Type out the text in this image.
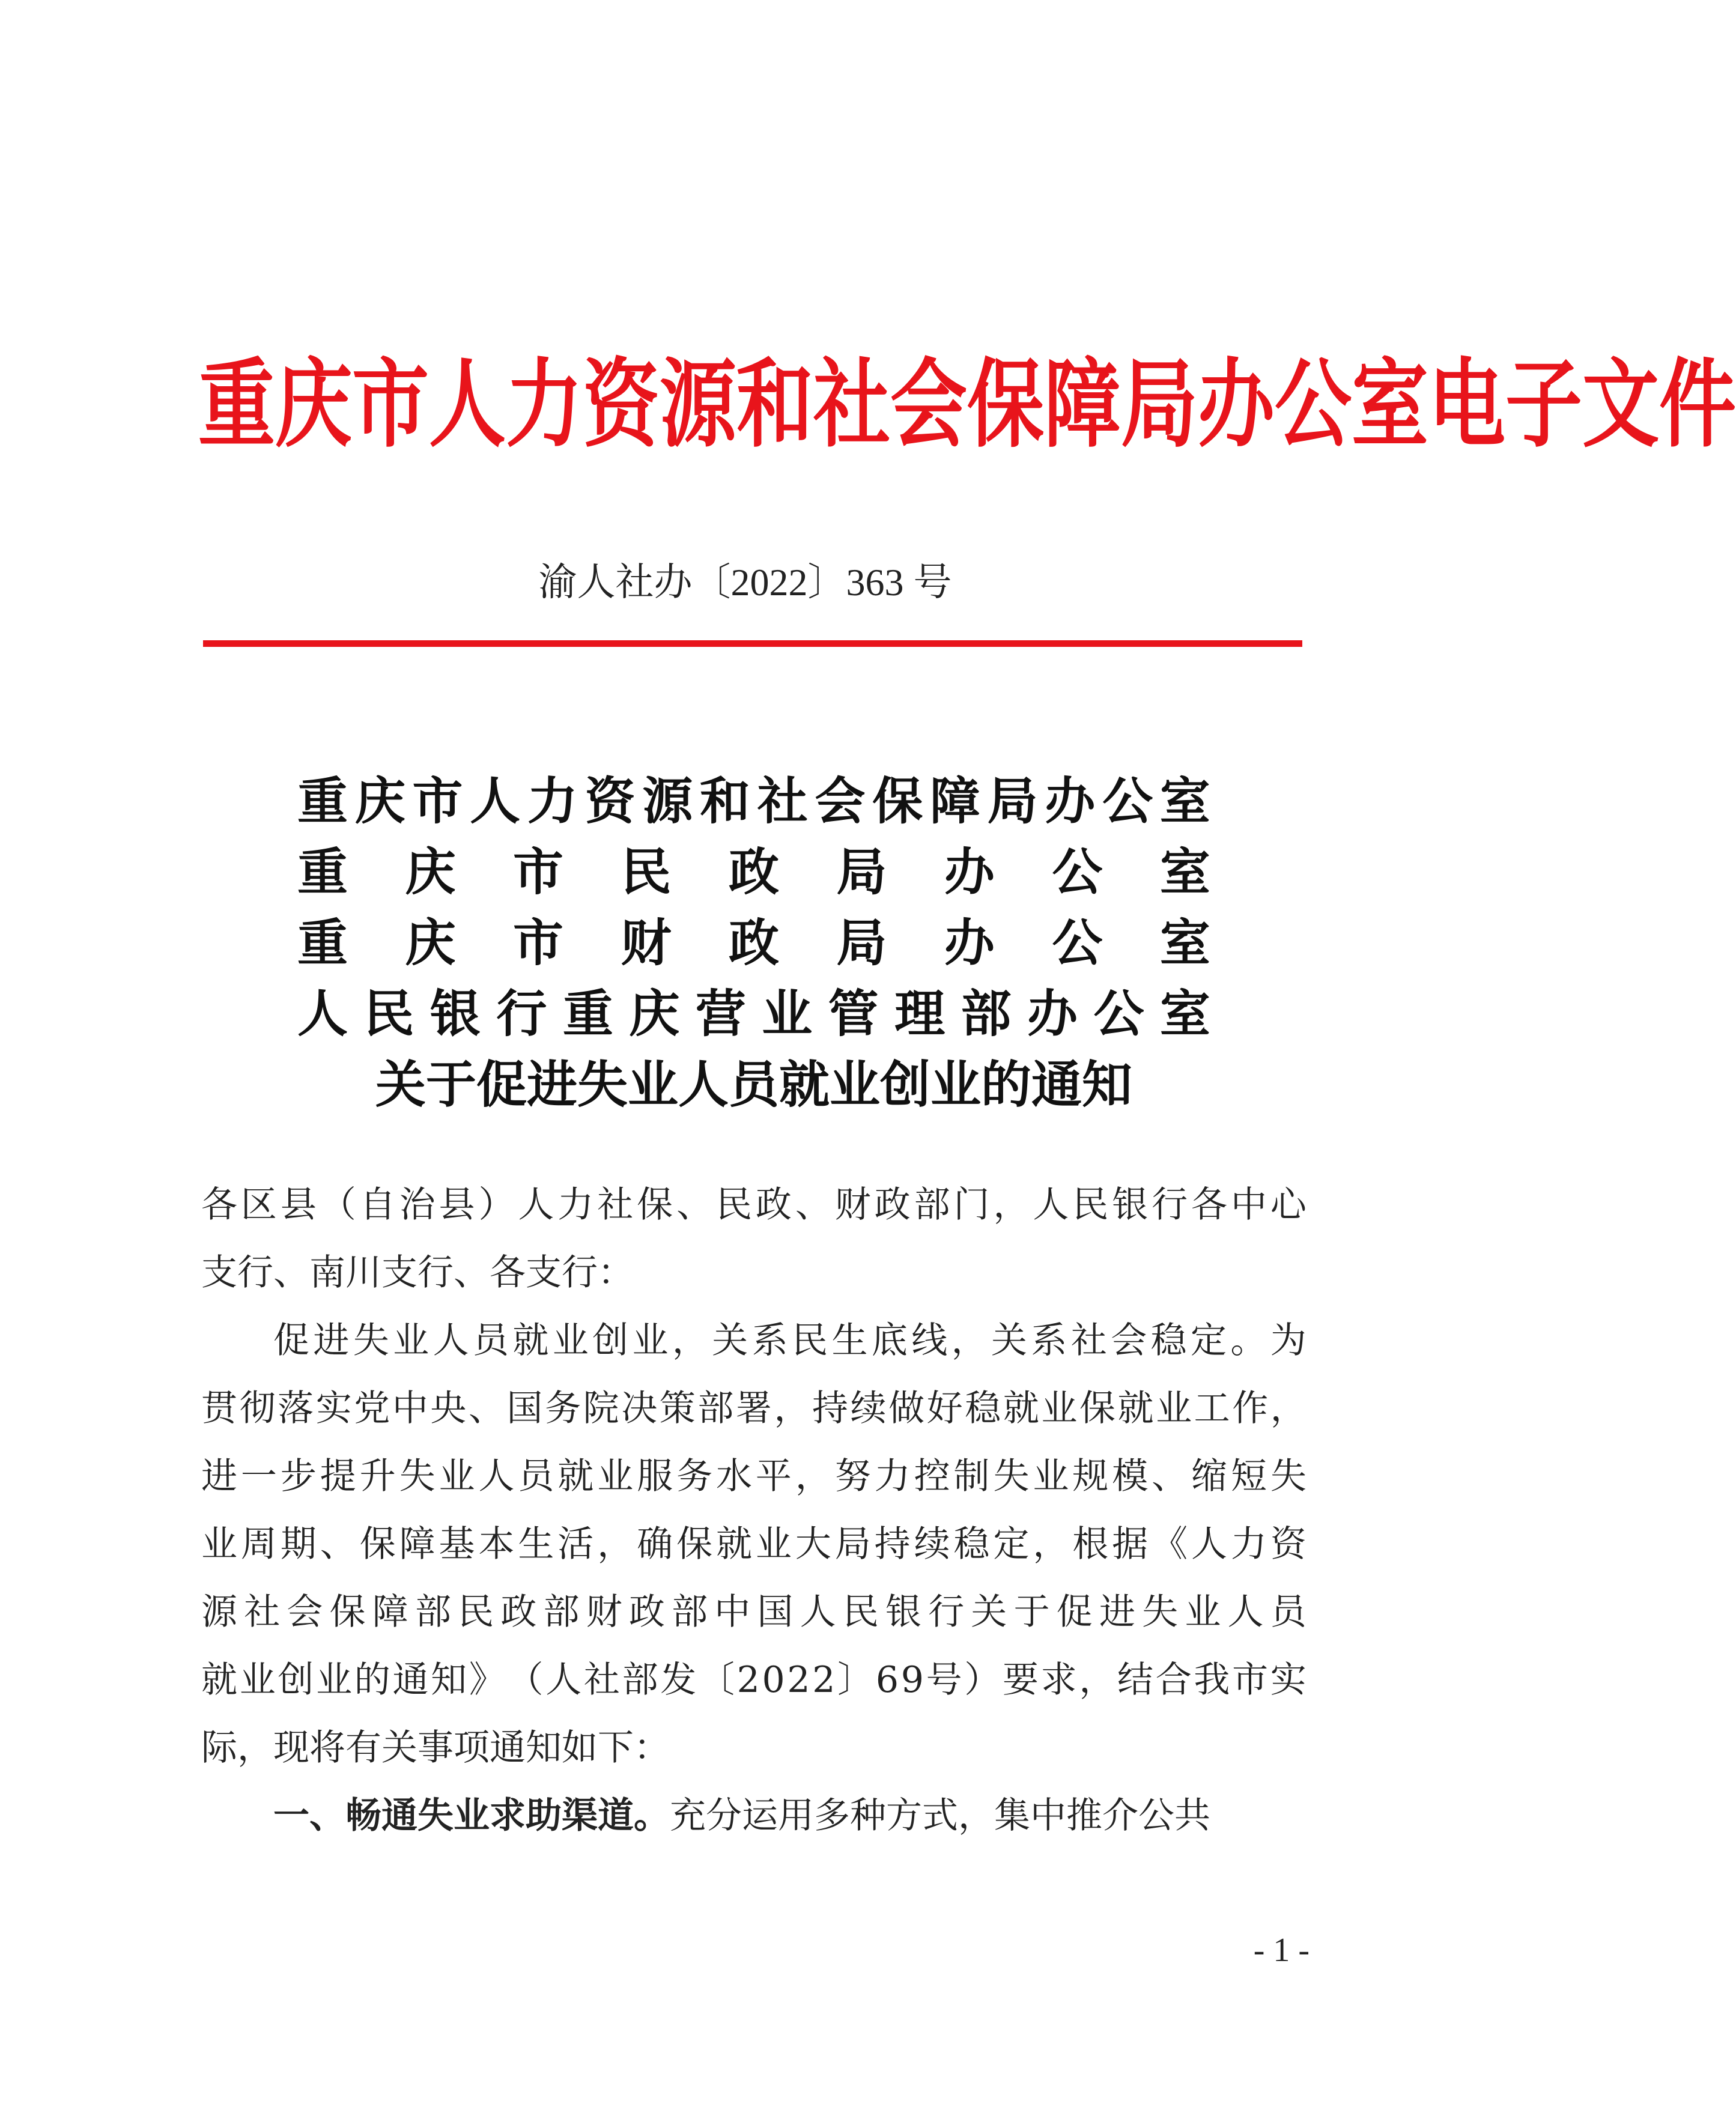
重庆市人力资源和社会保障局办公室电子文件
渝人社办〔2022〕363 号
重 庆 市 人 力 资 源 和 社 会 保 障 局 办 公 室
重 庆 市 民 政 局 办 公 室
重 庆 市 财 政 局 办 公 室
人 民 银 行 重 庆 营 业 管 理 部 办 公 室
关于促进失业人员就业创业的通知
各 区 县 （ 自 治 县 ） 人 力 社 保 、 民 政 、 财 政 部 门 ， 人 民 银 行 各 中 心
支行、南川支行、各支行：
促 进 失 业 人 员 就 业 创 业 ， 关 系 民 生 底 线 ， 关 系 社 会 稳 定 。 为
贯 彻 落 实 党 中 央 、 国 务 院 决 策 部 署 ， 持 续 做 好 稳 就 业 保 就 业 工 作 ，
进 一 步 提 升 失 业 人 员 就 业 服 务 水 平 ， 努 力 控 制 失 业 规 模 、 缩 短 失
业 周 期 、 保 障 基 本 生 活 ， 确 保 就 业 大 局 持 续 稳 定 ， 根 据 《 人 力 资
源 社 会 保 障 部 民 政 部 财 政 部 中 国 人 民 银 行 关 于 促 进 失 业 人 员
就 业 创 业 的 通 知 》 （ 人 社 部 发 〔 2 0 2 2 〕 6 9 号 ） 要 求 ， 结 合 我 市 实
际，现将有关事项通知如下：
一、畅通失业求助渠道。 充分运用多种方式，集中推介公共
- 1 -
